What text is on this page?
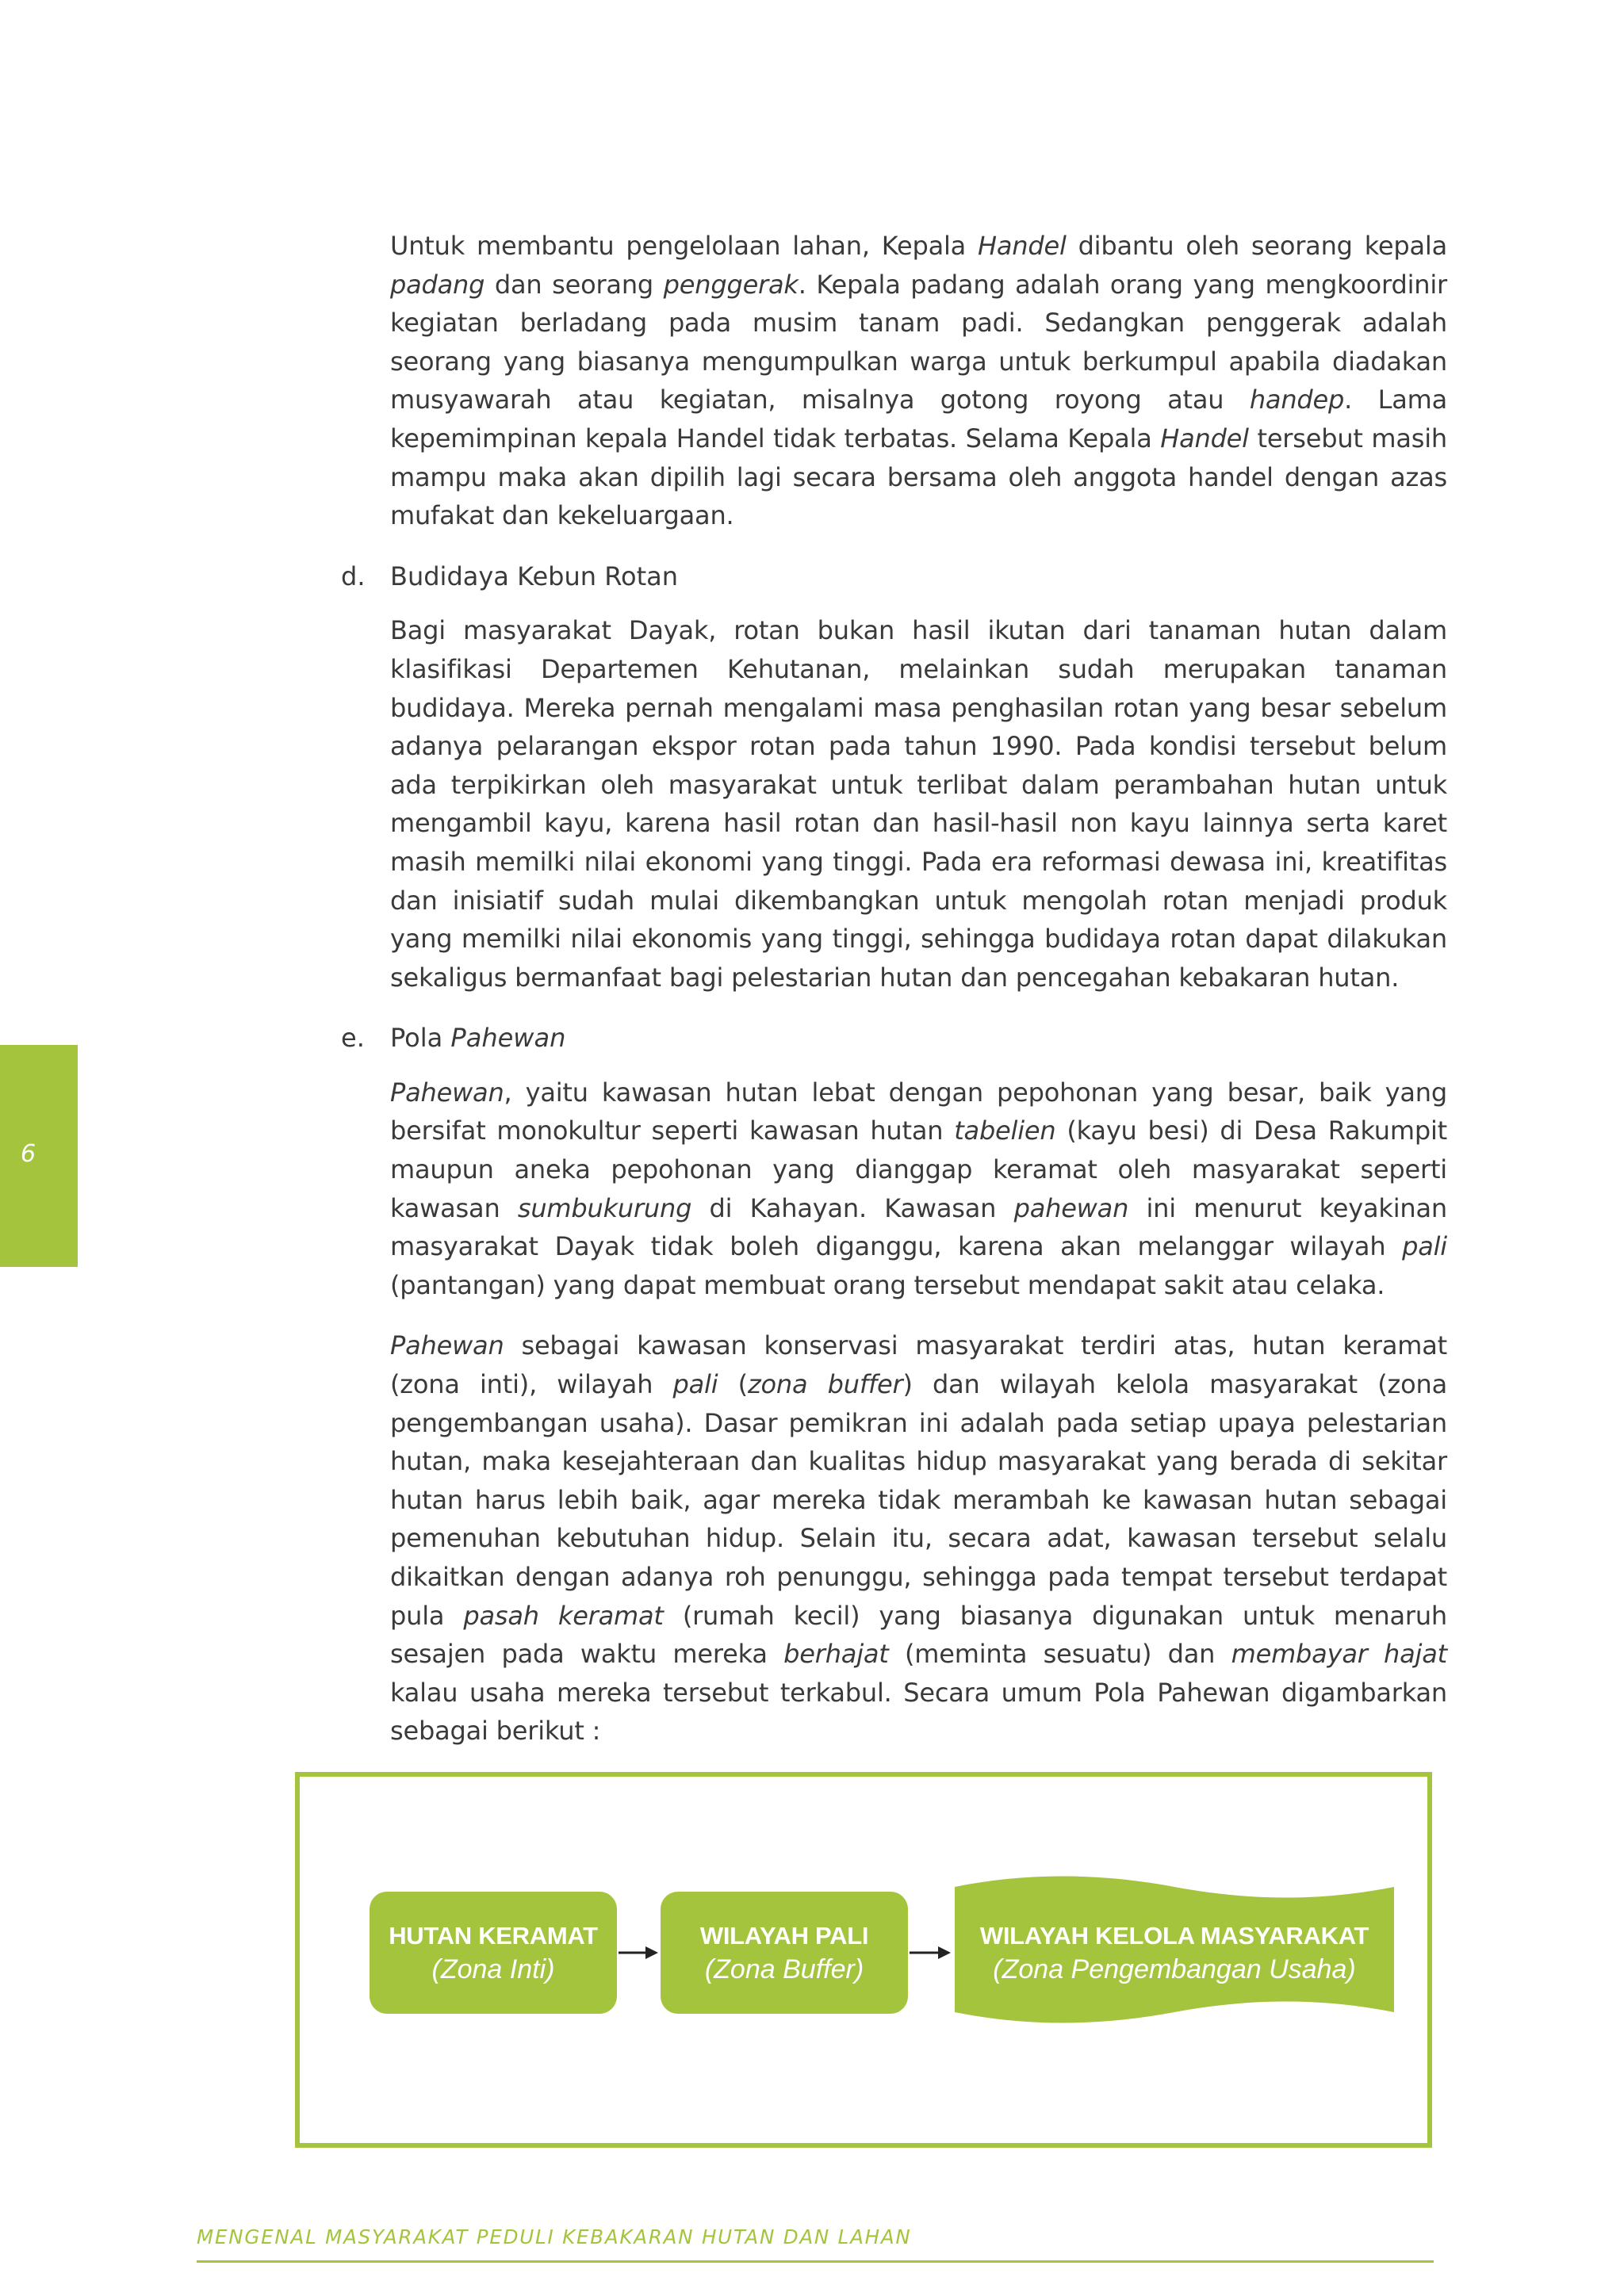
6

Untuk membantu pengelolaan lahan, Kepala Handel dibantu oleh seorang kepala padang dan seorang penggerak. Kepala padang adalah orang yang mengkoordinir kegiatan berladang pada musim tanam padi. Sedangkan penggerak adalah seorang yang biasanya mengumpulkan warga untuk berkumpul apabila diadakan musyawarah atau kegiatan, misalnya gotong royong atau handep. Lama kepemimpinan kepala Handel tidak terbatas. Selama Kepala Handel tersebut masih mampu maka akan dipilih lagi secara bersama oleh anggota handel dengan azas mufakat dan kekeluargaan.

d. Budidaya Kebun Rotan

Bagi masyarakat Dayak, rotan bukan hasil ikutan dari tanaman hutan dalam klasifikasi Departemen Kehutanan, melainkan sudah merupakan tanaman budidaya. Mereka pernah mengalami masa penghasilan rotan yang besar sebelum adanya pelarangan ekspor rotan pada tahun 1990. Pada kondisi tersebut belum ada terpikirkan oleh masyarakat untuk terlibat dalam perambahan hutan untuk mengambil kayu, karena hasil rotan dan hasil-hasil non kayu lainnya serta karet masih memilki nilai ekonomi yang tinggi. Pada era reformasi dewasa ini, kreatifitas dan inisiatif sudah mulai dikembangkan untuk mengolah rotan menjadi produk yang memilki nilai ekonomis yang tinggi, sehingga budidaya rotan dapat dilakukan sekaligus bermanfaat bagi pelestarian hutan dan pencegahan kebakaran hutan.

e.	Pola Pahewan

Pahewan, yaitu kawasan hutan lebat dengan pepohonan yang besar, baik yang bersifat monokultur seperti kawasan hutan tabelien (kayu besi) di Desa Rakumpit maupun aneka pepohonan yang dianggap keramat oleh masyarakat seperti kawasan sumbukurung di Kahayan. Kawasan pahewan ini menurut keyakinan masyarakat Dayak tidak boleh diganggu, karena akan melanggar wilayah pali (pantangan) yang dapat membuat orang tersebut mendapat sakit atau celaka.

Pahewan sebagai kawasan konservasi masyarakat terdiri atas, hutan keramat (zona inti), wilayah pali (zona buffer) dan wilayah kelola masyarakat (zona pengembangan usaha). Dasar pemikran ini adalah pada setiap upaya pelestarian hutan, maka kesejahteraan dan kualitas hidup masyarakat yang berada di sekitar hutan harus lebih baik, agar mereka tidak merambah ke kawasan hutan sebagai pemenuhan kebutuhan hidup. Selain itu, secara adat, kawasan tersebut selalu dikaitkan dengan adanya roh penunggu, sehingga pada tempat tersebut terdapat pula pasah keramat (rumah kecil) yang biasanya digunakan untuk menaruh sesajen pada waktu mereka berhajat (meminta sesuatu) dan membayar hajat kalau usaha mereka tersebut terkabul. Secara umum Pola Pahewan digambarkan sebagai berikut :

HUTAN KERAMAT
(Zona Inti)
WILAYAH PALI
(Zona Buffer)
WILAYAH KELOLA MASYARAKAT
(Zona Pengembangan Usaha)
MENGENAL MASYARAKAT PEDULI KEBAKARAN HUTAN DAN LAHAN
